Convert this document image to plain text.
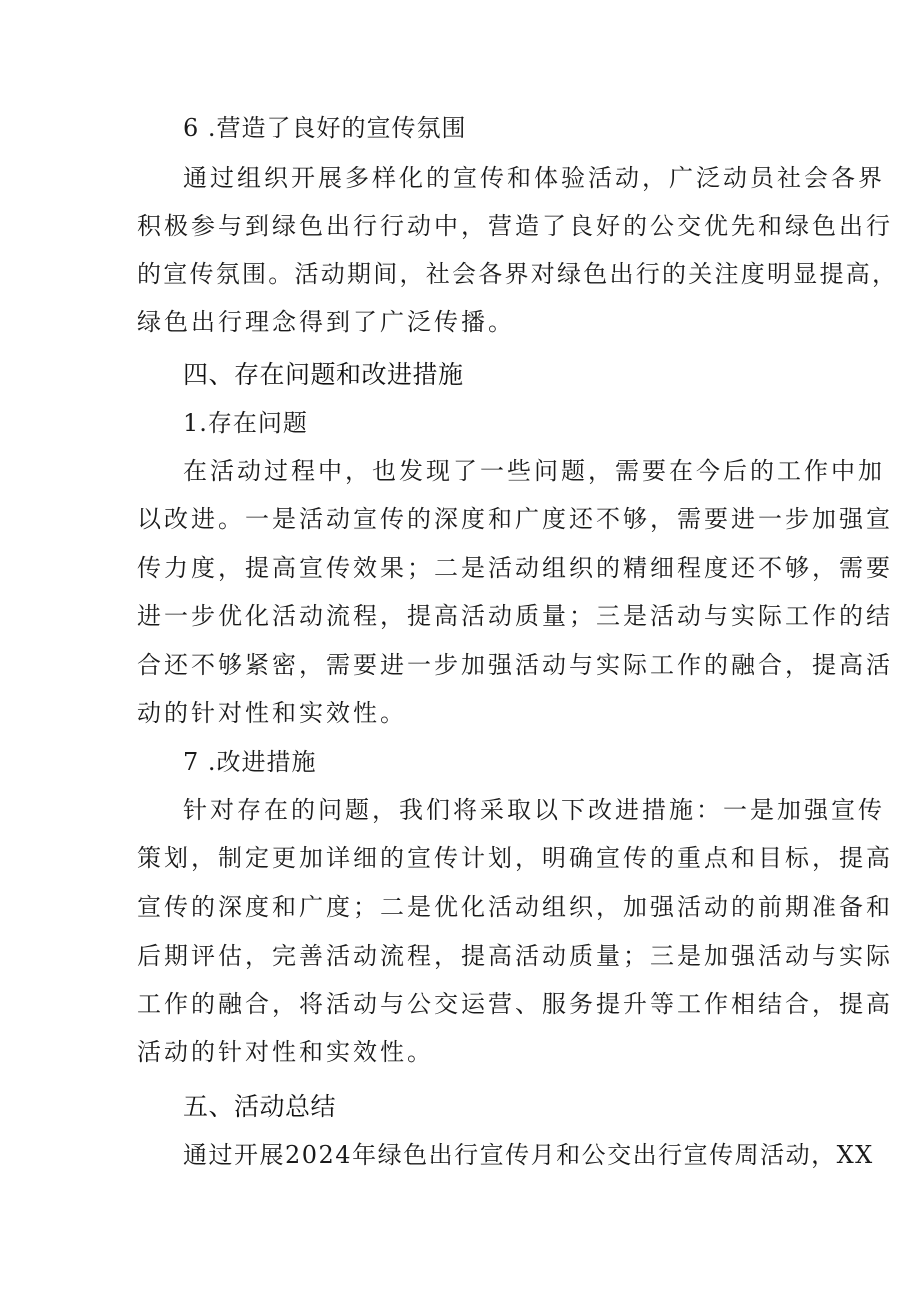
6 .营造了良好的宣传氛围
通过组织开展多样化的宣传和体验活动，广泛动员社会各界
积极参与到绿色出行行动中，营造了良好的公交优先和绿色出行
的宣传氛围。活动期间，社会各界对绿色出行的关注度明显提高，
绿色出行理念得到了广泛传播。
四、存在问题和改进措施
1.存在问题
在活动过程中，也发现了一些问题，需要在今后的工作中加
以改进。一是活动宣传的深度和广度还不够，需要进一步加强宣
传力度，提高宣传效果；二是活动组织的精细程度还不够，需要
进一步优化活动流程，提高活动质量；三是活动与实际工作的结
合还不够紧密，需要进一步加强活动与实际工作的融合，提高活
动的针对性和实效性。
7 .改进措施
针对存在的问题，我们将采取以下改进措施：一是加强宣传
策划，制定更加详细的宣传计划，明确宣传的重点和目标，提高
宣传的深度和广度；二是优化活动组织，加强活动的前期准备和
后期评估，完善活动流程，提高活动质量；三是加强活动与实际
工作的融合，将活动与公交运营、服务提升等工作相结合，提高
活动的针对性和实效性。
五、活动总结
通过开展2024年绿色出行宣传月和公交出行宣传周活动，XX
